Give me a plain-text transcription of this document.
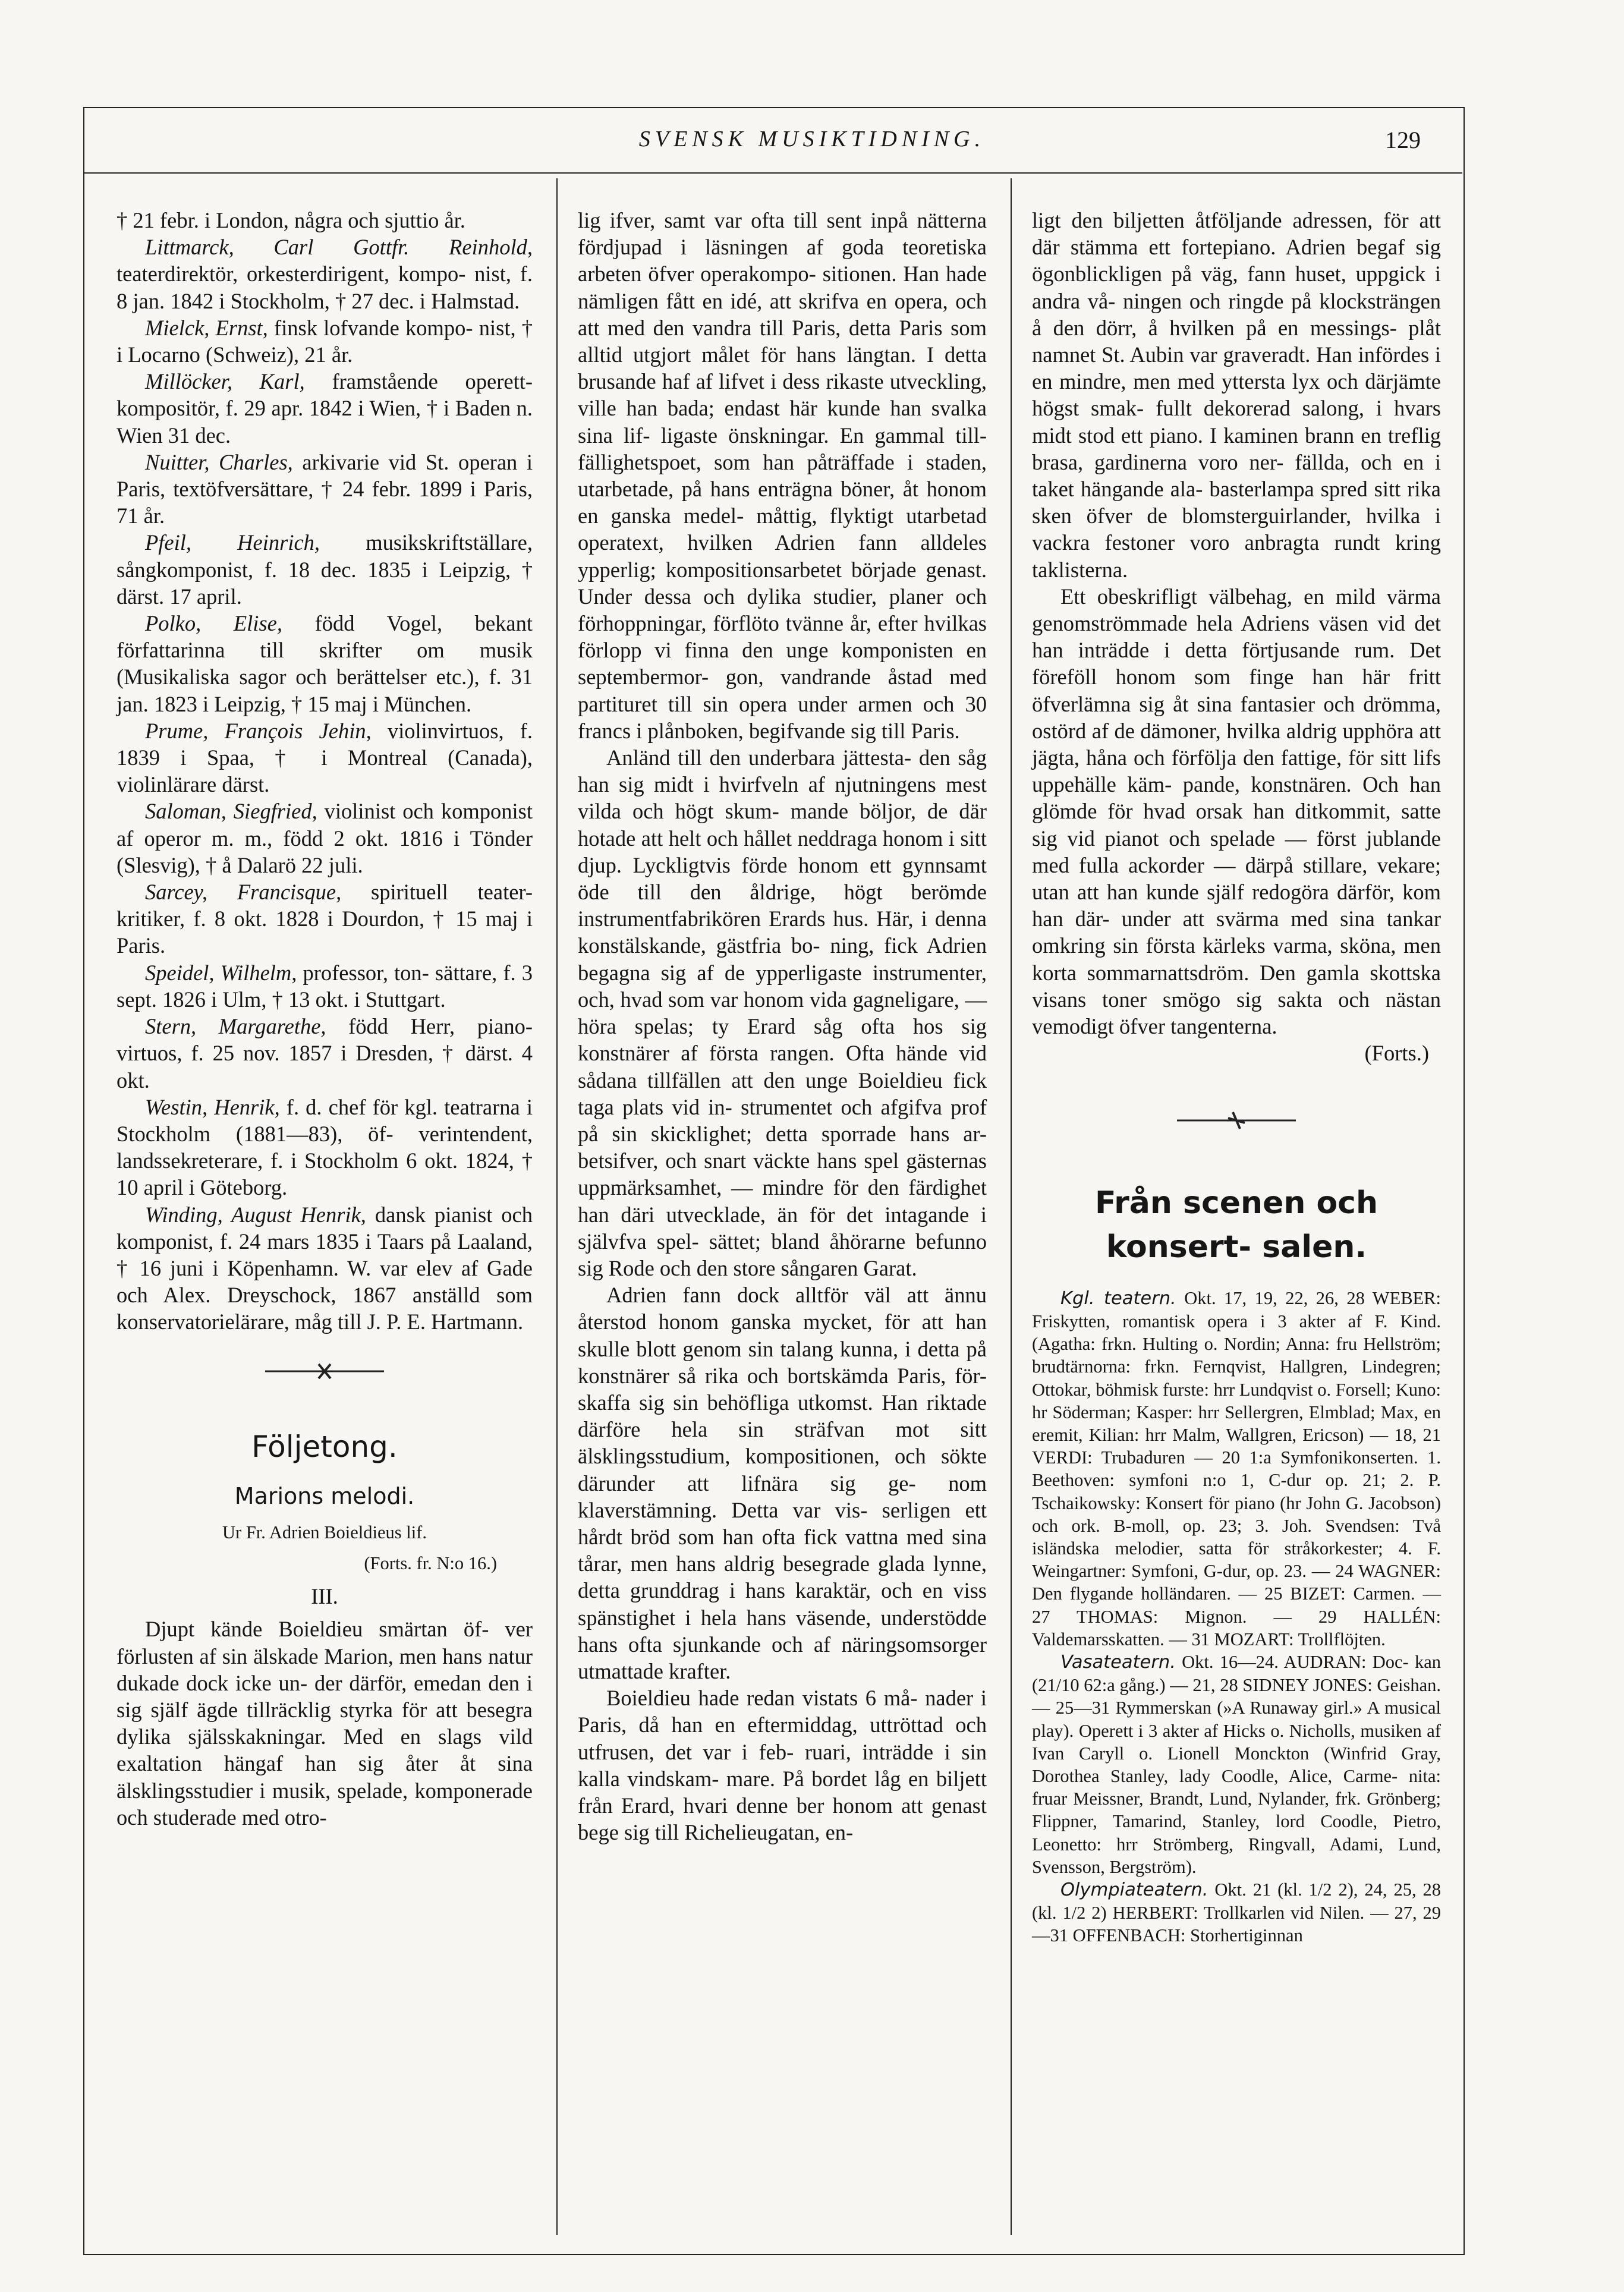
SVENSK MUSIKTIDNING.	129

† 21 febr. i London, några och sjuttio år.

Littmarck, Carl Gottfr. Reinhold, teaterdirektör, orkesterdirigent, kompo- nist, f. 8 jan. 1842 i Stockholm, † 27 dec. i Halmstad.

Mielck, Ernst, finsk lofvande kompo- nist, † i Locarno (Schweiz), 21 år.

Millöcker, Karl, framstående operett- kompositör, f. 29 apr. 1842 i Wien, † i Baden n. Wien 31 dec.

Nuitter, Charles, arkivarie vid St. operan i Paris, textöfversättare, † 24 febr. 1899 i Paris, 71 år.

Pfeil, Heinrich, musikskriftställare, sångkomponist, f. 18 dec. 1835 i Leipzig, † därst. 17 april.

Polko, Elise, född Vogel, bekant författarinna till skrifter om musik (Musikaliska sagor och berättelser etc.), f. 31 jan. 1823 i Leipzig, † 15 maj i München.

Prume, François Jehin, violinvirtuos, f. 1839 i Spaa, † i Montreal (Canada), violinlärare därst.

Saloman, Siegfried, violinist och komponist af operor m. m., född 2 okt. 1816 i Tönder (Slesvig), † å Dalarö 22 juli.

Sarcey, Francisque, spirituell teater- kritiker, f. 8 okt. 1828 i Dourdon, † 15 maj i Paris.

Speidel, Wilhelm, professor, ton- sättare, f. 3 sept. 1826 i Ulm, † 13 okt. i Stuttgart.

Stern, Margarethe, född Herr, piano- virtuos, f. 25 nov. 1857 i Dresden, † därst. 4 okt.

Westin, Henrik, f. d. chef för kgl. teatrarna i Stockholm (1881—83), öf- verintendent, landssekreterare, f. i Stockholm 6 okt. 1824, † 10 april i Göteborg.

Winding, August Henrik, dansk pianist och komponist, f. 24 mars 1835 i Taars på Laaland, † 16 juni i Köpenhamn. W. var elev af Gade och Alex. Dreyschock, 1867 anställd som konservatorielärare, måg till J. P. E. Hartmann.

Följetong.

Marions melodi.

Ur Fr. Adrien Boieldieus lif.

(Forts. fr. N:o 16.)

III.

Djupt kände Boieldieu smärtan öf- ver förlusten af sin älskade Marion, men hans natur dukade dock icke un- der därför, emedan den i sig själf ägde tillräcklig styrka för att besegra dylika själsskakningar. Med en slags vild exaltation hängaf han sig åter åt sina älsklingsstudier i musik, spelade, komponerade och studerade med otro-

lig ifver, samt var ofta till sent inpå nätterna fördjupad i läsningen af goda teoretiska arbeten öfver operakompo- sitionen. Han hade nämligen fått en idé, att skrifva en opera, och att med den vandra till Paris, detta Paris som alltid utgjort målet för hans längtan. I detta brusande haf af lifvet i dess rikaste utveckling, ville han bada; endast här kunde han svalka sina lif- ligaste önskningar. En gammal till- fällighetspoet, som han påträffade i staden, utarbetade, på hans enträgna böner, åt honom en ganska medel- måttig, flyktigt utarbetad operatext, hvilken Adrien fann alldeles ypperlig; kompositionsarbetet började genast. Under dessa och dylika studier, planer och förhoppningar, förflöto tvänne år, efter hvilkas förlopp vi finna den unge komponisten en septembermor- gon, vandrande åstad med partituret till sin opera under armen och 30 francs i plånboken, begifvande sig till Paris.

Anländ till den underbara jättesta- den såg han sig midt i hvirfveln af njutningens mest vilda och högt skum- mande böljor, de där hotade att helt och hållet neddraga honom i sitt djup. Lyckligtvis förde honom ett gynnsamt öde till den åldrige, högt berömde instrumentfabrikören Erards hus. Här, i denna konstälskande, gästfria bo- ning, fick Adrien begagna sig af de ypperligaste instrumenter, och, hvad som var honom vida gagneligare, — höra spelas; ty Erard såg ofta hos sig konstnärer af första rangen. Ofta hände vid sådana tillfällen att den unge Boieldieu fick taga plats vid in- strumentet och afgifva prof på sin skicklighet; detta sporrade hans ar- betsifver, och snart väckte hans spel gästernas uppmärksamhet, — mindre för den färdighet han däri utvecklade, än för det intagande i självfva spel- sättet; bland åhörarne befunno sig Rode och den store sångaren Garat.

Adrien fann dock alltför väl att ännu återstod honom ganska mycket, för att han skulle blott genom sin talang kunna, i detta på konstnärer så rika och bortskämda Paris, för- skaffa sig sin behöfliga utkomst. Han riktade därföre hela sin sträfvan mot sitt älsklingsstudium, kompositionen, och sökte därunder att lifnära sig ge- nom klaverstämning. Detta var vis- serligen ett hårdt bröd som han ofta fick vattna med sina tårar, men hans aldrig besegrade glada lynne, detta grunddrag i hans karaktär, och en viss spänstighet i hela hans väsende, understödde hans ofta sjunkande och af näringsomsorger utmattade krafter.

Boieldieu hade redan vistats 6 må- nader i Paris, då han en eftermiddag, uttröttad och utfrusen, det var i feb- ruari, inträdde i sin kalla vindskam- mare. På bordet låg en biljett från Erard, hvari denne ber honom att genast bege sig till Richelieugatan, en-

ligt den biljetten åtföljande adressen, för att där stämma ett fortepiano. Adrien begaf sig ögonblickligen på väg, fann huset, uppgick i andra vå- ningen och ringde på klocksträngen å den dörr, å hvilken på en messings- plåt namnet St. Aubin var graveradt. Han infördes i en mindre, men med yttersta lyx och därjämte högst smak- fullt dekorerad salong, i hvars midt stod ett piano. I kaminen brann en treflig brasa, gardinerna voro ner- fällda, och en i taket hängande ala- basterlampa spred sitt rika sken öfver de blomsterguirlander, hvilka i vackra festoner voro anbragta rundt kring taklisterna.

Ett obeskrifligt välbehag, en mild värma genomströmmade hela Adriens väsen vid det han inträdde i detta förtjusande rum. Det föreföll honom som finge han här fritt öfverlämna sig åt sina fantasier och drömma, ostörd af de dämoner, hvilka aldrig upphöra att jägta, håna och förfölja den fattige, för sitt lifs uppehälle käm- pande, konstnären. Och han glömde för hvad orsak han ditkommit, satte sig vid pianot och spelade — först jublande med fulla ackorder — därpå stillare, vekare; utan att han kunde själf redogöra därför, kom han där- under att svärma med sina tankar omkring sin första kärleks varma, sköna, men korta sommarnattsdröm. Den gamla skottska visans toner smögo sig sakta och nästan vemodigt öfver tangenterna.

(Forts.)

Från scenen och konsert- salen.

Kgl. teatern. Okt. 17, 19, 22, 26, 28 WEBER: Friskytten, romantisk opera i 3 akter af F. Kind. (Agatha: frkn. Hulting o. Nordin; Anna: fru Hellström; brudtärnorna: frkn. Fernqvist, Hallgren, Lindegren; Ottokar, böhmisk furste: hrr Lundqvist o. Forsell; Kuno: hr Söderman; Kasper: hrr Sellergren, Elmblad; Max, en eremit, Kilian: hrr Malm, Wallgren, Ericson) — 18, 21 VERDI: Trubaduren — 20 1:a Symfonikonserten. 1. Beethoven: symfoni n:o 1, C-dur op. 21; 2. P. Tschaikowsky: Konsert för piano (hr John G. Jacobson) och ork. B-moll, op. 23; 3. Joh. Svendsen: Två isländska melodier, satta för stråkorkester; 4. F. Weingartner: Symfoni, G-dur, op. 23. — 24 WAGNER: Den flygande holländaren. — 25 BIZET: Carmen. — 27 THOMAS: Mignon. — 29 HALLÉN: Valdemarsskatten. — 31 MOZART: Trollflöjten.

Vasateatern. Okt. 16—24. AUDRAN: Doc- kan (21/10 62:a gång.) — 21, 28 SIDNEY JONES: Geishan. — 25—31 Rymmerskan (»A Runaway girl.» A musical play). Operett i 3 akter af Hicks o. Nicholls, musiken af Ivan Caryll o. Lionell Monckton (Winfrid Gray, Dorothea Stanley, lady Coodle, Alice, Carme- nita: fruar Meissner, Brandt, Lund, Nylander, frk. Grönberg; Flippner, Tamarind, Stanley, lord Coodle, Pietro, Leonetto: hrr Strömberg, Ringvall, Adami, Lund, Svensson, Bergström).

Olympiateatern. Okt. 21 (kl. 1/2 2), 24, 25, 28 (kl. 1/2 2) HERBERT: Trollkarlen vid Nilen. — 27, 29—31 OFFENBACH: Storhertiginnan
